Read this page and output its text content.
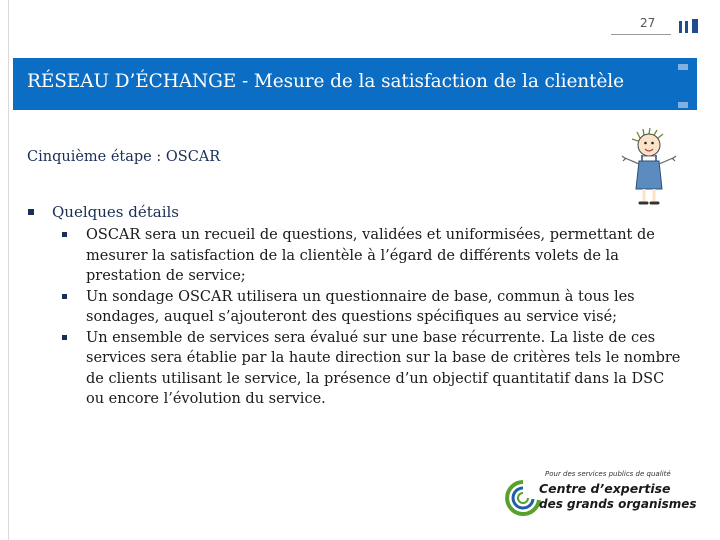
27
RÉSEAU D’ÉCHANGE - Mesure de la satisfaction de la clientèle
Cinquième étape : OSCAR
Quelques détails
OSCAR sera un recueil de questions, validées et uniformisées, permettant de mesurer la satisfaction de la clientèle à l’égard de différents volets de la prestation de service;
Un sondage OSCAR utilisera un questionnaire de base, commun à tous les sondages, auquel s’ajouteront des questions spécifiques au service visé;
Un ensemble de services sera évalué sur une base récurrente. La liste de ces services sera établie par la haute direction sur la base de critères tels le nombre de clients utilisant le service, la présence d’un objectif quantitatif dans la DSC ou encore l’évolution du service.
Pour des services publics de qualité
Centre d’expertise
des grands organismes
